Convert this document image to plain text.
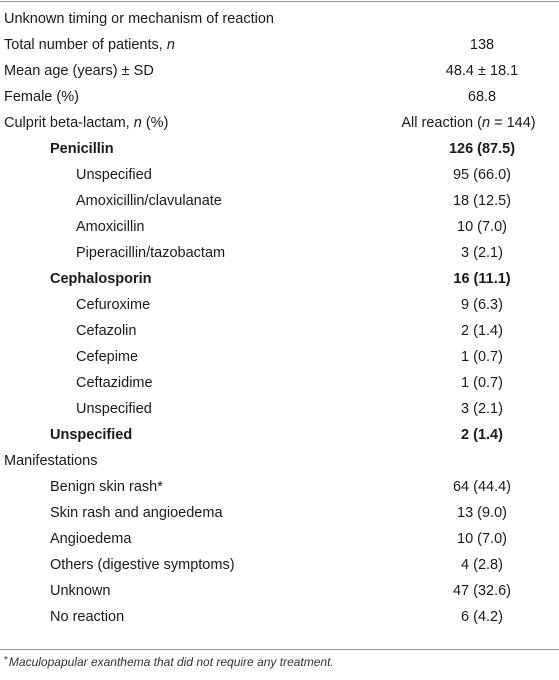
Unknown timing or mechanism of reaction
Total number of patients, n	138
Mean age (years) ± SD	48.4 ± 18.1
Female (%)	68.8
Culprit beta-lactam, n (%)	All reaction (n = 144)
Penicillin	126 (87.5)
Unspecified	95 (66.0)
Amoxicillin/clavulanate	18 (12.5)
Amoxicillin	10 (7.0)
Piperacillin/tazobactam	3 (2.1)
Cephalosporin	16 (11.1)
Cefuroxime	9 (6.3)
Cefazolin	2 (1.4)
Cefepime	1 (0.7)
Ceftazidime	1 (0.7)
Unspecified	3 (2.1)
Unspecified	2 (1.4)
Manifestations
Benign skin rash*	64 (44.4)
Skin rash and angioedema	13 (9.0)
Angioedema	10 (7.0)
Others (digestive symptoms)	4 (2.8)
Unknown	47 (32.6)
No reaction	6 (4.2)
*Maculopapular exanthema that did not require any treatment.
